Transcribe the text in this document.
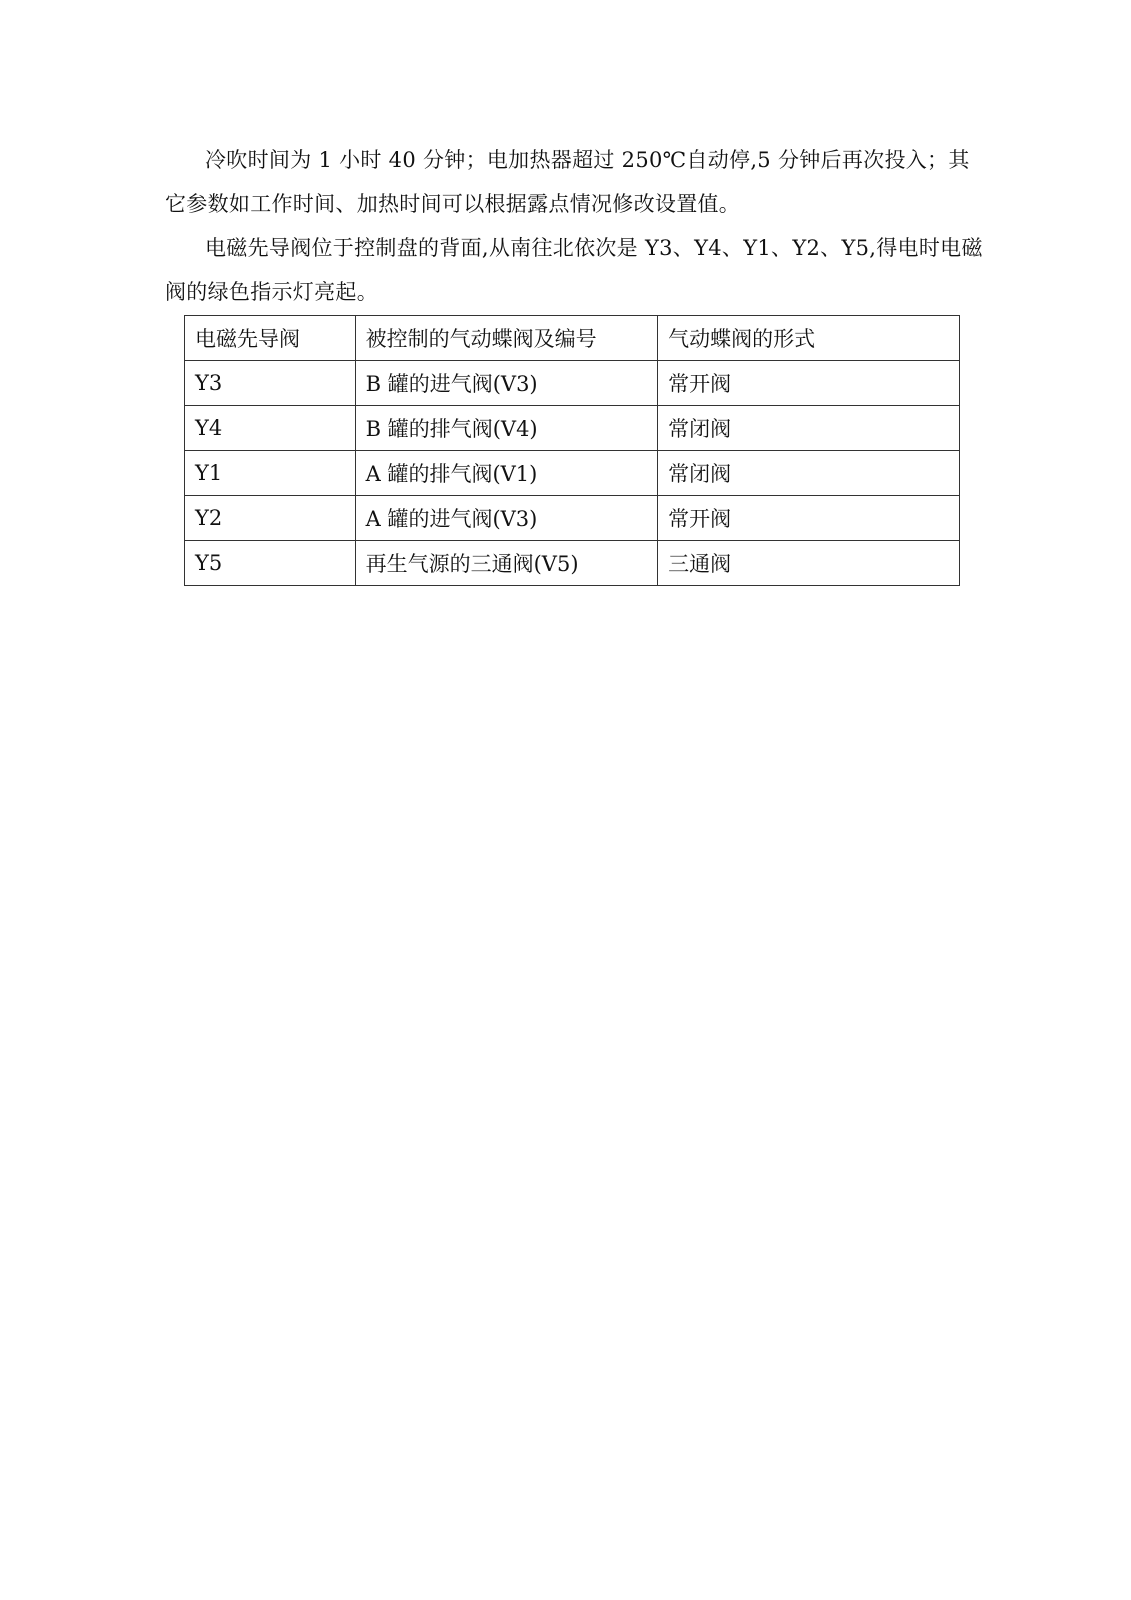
冷吹时间为 1 小时 40 分钟；电加热器超过 250℃自动停,5 分钟后再次投入；其它参数如工作时间、加热时间可以根据露点情况修改设置值。

电磁先导阀位于控制盘的背面,从南往北依次是 Y3、Y4、Y1、Y2、Y5,得电时电磁阀的绿色指示灯亮起。

电磁先导阀	被控制的气动蝶阀及编号	气动蝶阀的形式
Y3	B 罐的进气阀(V3)	常开阀
Y4	B 罐的排气阀(V4)	常闭阀
Y1	A 罐的排气阀(V1)	常闭阀
Y2	A 罐的进气阀(V3)	常开阀
Y5	再生气源的三通阀(V5)	三通阀
